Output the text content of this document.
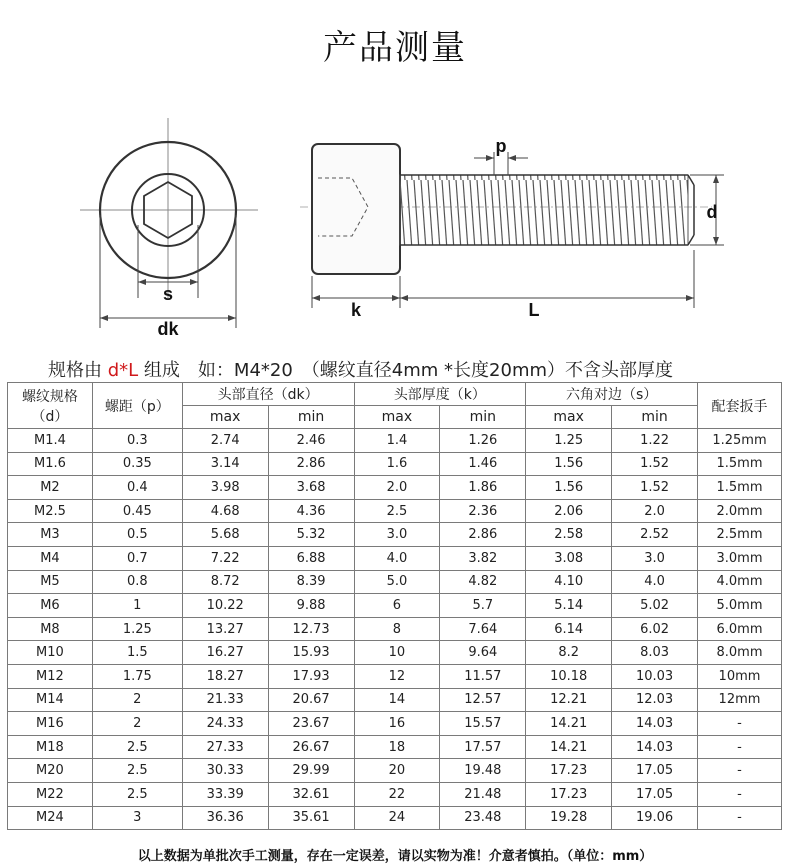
产品测量
s
dk
p
d
k	L
规格由 d*L 组成　如：M4*20　（螺纹直径4mm *长度20mm）不含头部厚度
螺纹规格
（d）	螺距（p）	头部直径（dk）		头部厚度（k）		六角对边（s）		配套扳手
		max	min	max	min	max	min	
M1.4	0.3	2.74	2.46	1.4	1.26	1.25	1.22	1.25mm
M1.6	0.35	3.14	2.86	1.6	1.46	1.56	1.52	1.5mm
M2	0.4	3.98	3.68	2.0	1.86	1.56	1.52	1.5mm
M2.5	0.45	4.68	4.36	2.5	2.36	2.06	2.0	2.0mm
M3	0.5	5.68	5.32	3.0	2.86	2.58	2.52	2.5mm
M4	0.7	7.22	6.88	4.0	3.82	3.08	3.0	3.0mm
M5	0.8	8.72	8.39	5.0	4.82	4.10	4.0	4.0mm
M6	1	10.22	9.88	6	5.7	5.14	5.02	5.0mm
M8	1.25	13.27	12.73	8	7.64	6.14	6.02	6.0mm
M10	1.5	16.27	15.93	10	9.64	8.2	8.03	8.0mm
M12	1.75	18.27	17.93	12	11.57	10.18	10.03	10mm
M14	2	21.33	20.67	14	12.57	12.21	12.03	12mm
M16	2	24.33	23.67	16	15.57	14.21	14.03	-
M18	2.5	27.33	26.67	18	17.57	14.21	14.03	-
M20	2.5	30.33	29.99	20	19.48	17.23	17.05	-
M22	2.5	33.39	32.61	22	21.48	17.23	17.05	-
M24	3	36.36	35.61	24	23.48	19.28	19.06	-
以上数据为单批次手工测量，存在一定误差，请以实物为准！介意者慎拍。（单位：mm）
